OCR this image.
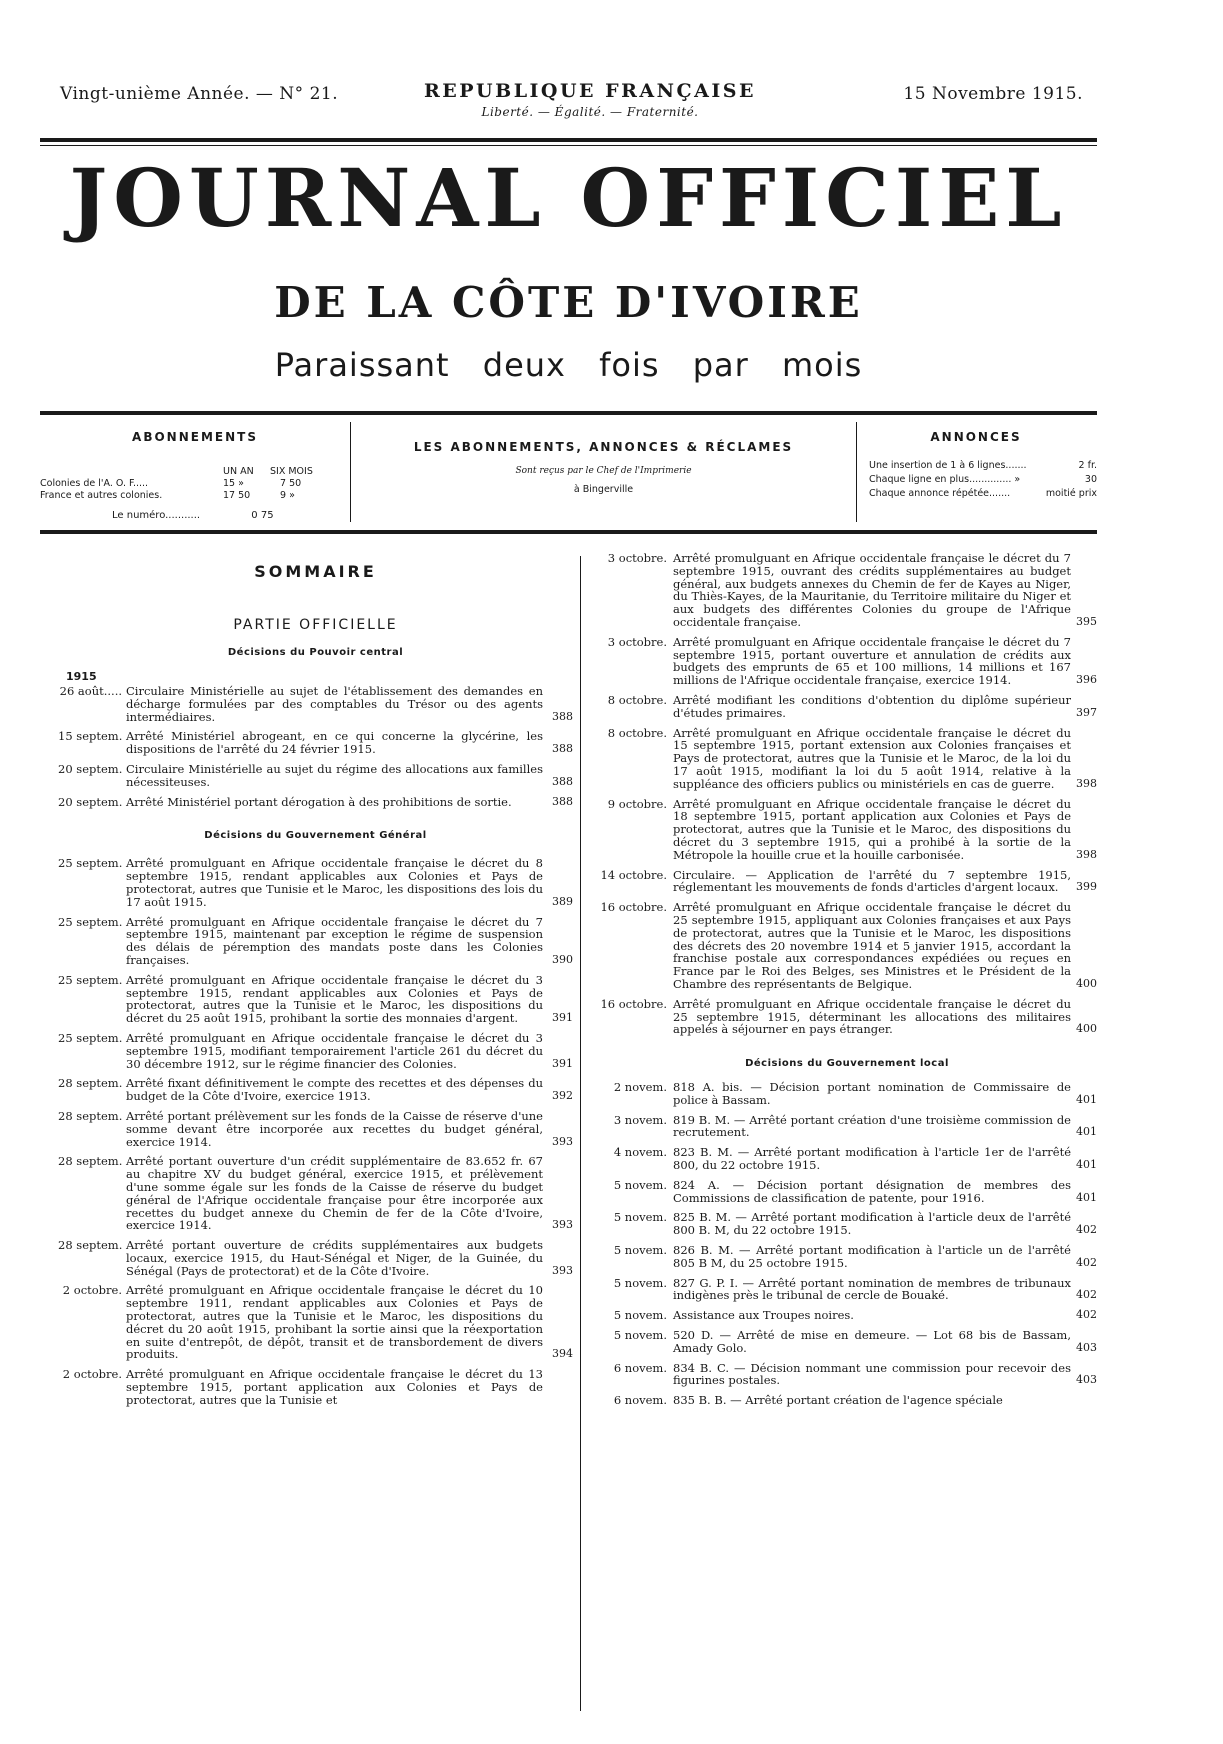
Vingt-unième Année. — N° 21.	REPUBLIQUE FRANÇAISE
Liberté. — Égalité. — Fraternité.
15 Novembre 1915.
JOURNAL OFFICIEL
DE LA CÔTE D'IVOIRE
Paraissant deux fois par mois
ABONNEMENTS
UN AN SIX MOIS
Colonies de l'A. O. F.....	15 »	7 50
France et autres colonies.	17 50	9 »
Le numéro...........	0 75
LES ABONNEMENTS, ANNONCES & RÉCLAMES
Sont reçus par le Chef de l'Imprimerie
à Bingerville
ANNONCES
Une insertion de 1 à 6 lignes.......	2 fr.
Chaque ligne en plus.............. »	30
Chaque annonce répétée.......	moitié prix
SOMMAIRE
PARTIE OFFICIELLE
Décisions du Pouvoir central
1915
26 août..... Circulaire Ministérielle au sujet de l'établissement des demandes en décharge formulées par des comptables du Trésor ou des agents intermédiaires.	388
15 septem. Arrêté Ministériel abrogeant, en ce qui concerne la glycérine, les dispositions de l'arrêté du 24 février 1915.	388
20 septem. Circulaire Ministérielle au sujet du régime des allocations aux familles nécessiteuses.	388
20 septem. Arrêté Ministériel portant dérogation à des prohibitions de sortie.	388
Décisions du Gouvernement Général
25 septem. Arrêté promulguant en Afrique occidentale française le décret du 8 septembre 1915, rendant applicables aux Colonies et Pays de protectorat, autres que Tunisie et le Maroc, les dispositions des lois du 17 août 1915.	389
25 septem. Arrêté promulguant en Afrique occidentale française le décret du 7 septembre 1915, maintenant par exception le régime de suspension des délais de péremption des mandats poste dans les Colonies françaises.	390
25 septem. Arrêté promulguant en Afrique occidentale française le décret du 3 septembre 1915, rendant applicables aux Colonies et Pays de protectorat, autres que la Tunisie et le Maroc, les dispositions du décret du 25 août 1915, prohibant la sortie des monnaies d'argent.	391
25 septem. Arrêté promulguant en Afrique occidentale française le décret du 3 septembre 1915, modifiant temporairement l'article 261 du décret du 30 décembre 1912, sur le régime financier des Colonies.	391
28 septem. Arrêté fixant définitivement le compte des recettes et des dépenses du budget de la Côte d'Ivoire, exercice 1913.	392
28 septem. Arrêté portant prélèvement sur les fonds de la Caisse de réserve d'une somme devant être incorporée aux recettes du budget général, exercice 1914.	393
28 septem. Arrêté portant ouverture d'un crédit supplémentaire de 83.652 fr. 67 au chapitre XV du budget général, exercice 1915, et prélèvement d'une somme égale sur les fonds de la Caisse de réserve du budget général de l'Afrique occidentale française pour être incorporée aux recettes du budget annexe du Chemin de fer de la Côte d'Ivoire, exercice 1914.	393
28 septem. Arrêté portant ouverture de crédits supplémentaires aux budgets locaux, exercice 1915, du Haut-Sénégal et Niger, de la Guinée, du Sénégal (Pays de protectorat) et de la Côte d'Ivoire.	393
2 octobre. Arrêté promulguant en Afrique occidentale française le décret du 10 septembre 1911, rendant applicables aux Colonies et Pays de protectorat, autres que la Tunisie et le Maroc, les dispositions du décret du 20 août 1915, prohibant la sortie ainsi que la réexportation en suite d'entrepôt, de dépôt, transit et de transbordement de divers produits.	394
2 octobre. Arrêté promulguant en Afrique occidentale française le décret du 13 septembre 1915, portant application aux Colonies et Pays de protectorat, autres que la Tunisie et
3 octobre. Arrêté promulguant en Afrique occidentale française le décret du 7 septembre 1915, ouvrant des crédits supplémentaires au budget général, aux budgets annexes du Chemin de fer de Kayes au Niger, du Thiès-Kayes, de la Mauritanie, du Territoire militaire du Niger et aux budgets des différentes Colonies du groupe de l'Afrique occidentale française.	395
3 octobre. Arrêté promulguant en Afrique occidentale française le décret du 7 septembre 1915, portant ouverture et annulation de crédits aux budgets des emprunts de 65 et 100 millions, 14 millions et 167 millions de l'Afrique occidentale française, exercice 1914.	396
8 octobre. Arrêté modifiant les conditions d'obtention du diplôme supérieur d'études primaires.	397
8 octobre. Arrêté promulguant en Afrique occidentale française le décret du 15 septembre 1915, portant extension aux Colonies françaises et Pays de protectorat, autres que la Tunisie et le Maroc, de la loi du 17 août 1915, modifiant la loi du 5 août 1914, relative à la suppléance des officiers publics ou ministériels en cas de guerre.	398
9 octobre. Arrêté promulguant en Afrique occidentale française le décret du 18 septembre 1915, portant application aux Colonies et Pays de protectorat, autres que la Tunisie et le Maroc, des dispositions du décret du 3 septembre 1915, qui a prohibé à la sortie de la Métropole la houille crue et la houille carbonisée.	398
14 octobre. Circulaire. — Application de l'arrêté du 7 septembre 1915, réglementant les mouvements de fonds d'articles d'argent locaux.	399
16 octobre. Arrêté promulguant en Afrique occidentale française le décret du 25 septembre 1915, appliquant aux Colonies françaises et aux Pays de protectorat, autres que la Tunisie et le Maroc, les dispositions des décrets des 20 novembre 1914 et 5 janvier 1915, accordant la franchise postale aux correspondances expédiées ou reçues en France par le Roi des Belges, ses Ministres et le Président de la Chambre des représentants de Belgique.	400
16 octobre. Arrêté promulguant en Afrique occidentale française le décret du 25 septembre 1915, déterminant les allocations des militaires appelés à séjourner en pays étranger.	400
Décisions du Gouvernement local
2 novem. 818 A. bis. — Décision portant nomination de Commissaire de police à Bassam.	401
3 novem. 819 B. M. — Arrêté portant création d'une troisième commission de recrutement.	401
4 novem. 823 B. M. — Arrêté portant modification à l'article 1er de l'arrêté 800, du 22 octobre 1915.	401
5 novem. 824 A. — Décision portant désignation de membres des Commissions de classification de patente, pour 1916.	401
5 novem. 825 B. M. — Arrêté portant modification à l'article deux de l'arrêté 800 B. M, du 22 octobre 1915.	402
5 novem. 826 B. M. — Arrêté portant modification à l'article un de l'arrêté 805 B M, du 25 octobre 1915.	402
5 novem. 827 G. P. I. — Arrêté portant nomination de membres de tribunaux indigènes près le tribunal de cercle de Bouaké.	402
5 novem. Assistance aux Troupes noires.	402
5 novem. 520 D. — Arrêté de mise en demeure. — Lot 68 bis de Bassam, Amady Golo.	403
6 novem. 834 B. C. — Décision nommant une commission pour recevoir des figurines postales.	403
6 novem. 835 B. B. — Arrêté portant création de l'agence spéciale
